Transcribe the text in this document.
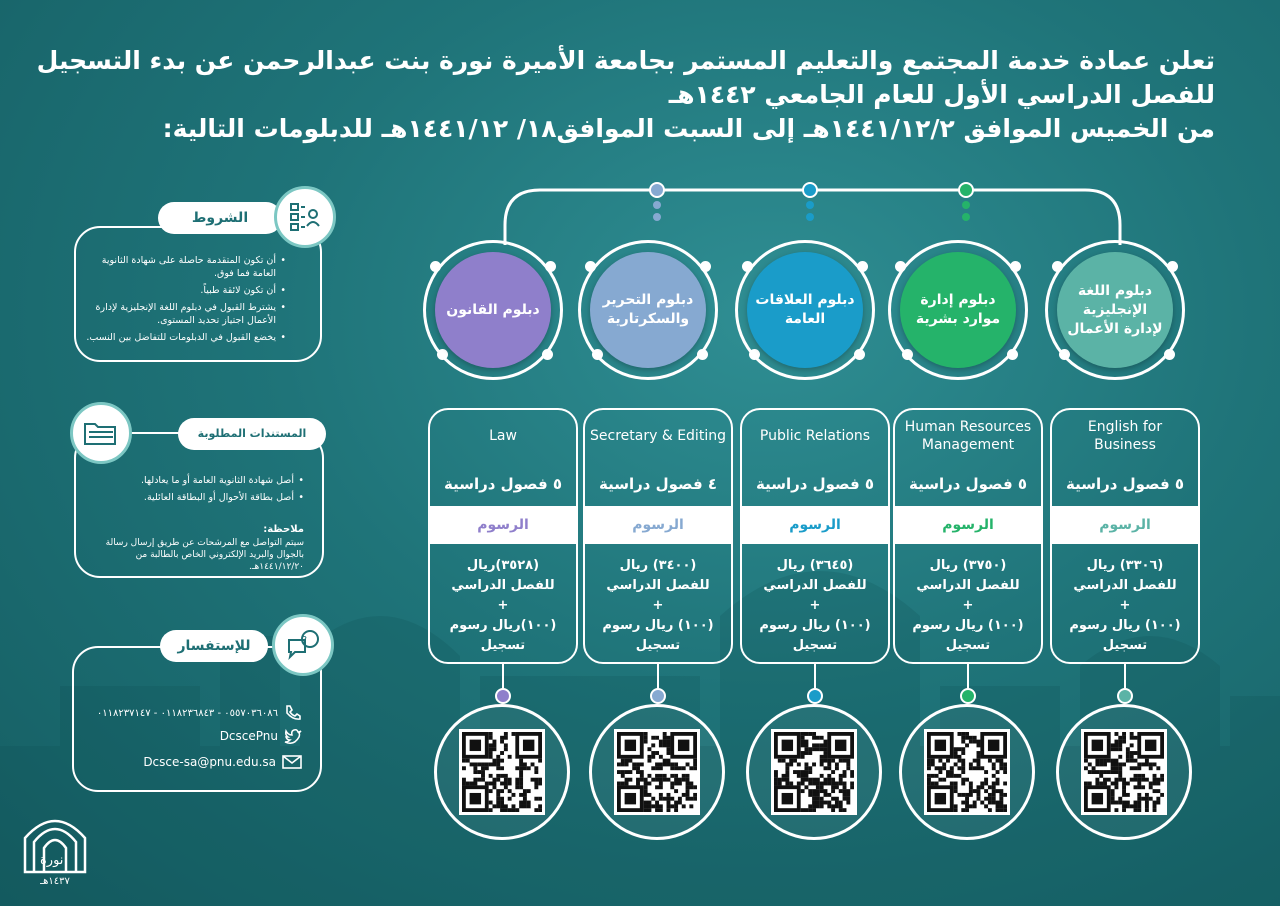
تعلن عمادة خدمة المجتمع والتعليم المستمر بجامعة الأميرة نورة بنت عبدالرحمن عن بدء التسجيل
للفصل الدراسي الأول للعام الجامعي ١٤٤٢هـ
من الخميس الموافق ١٤٤١/١٢/٢هـ إلى السبت الموافق١٨/ ١٤٤١/١٢هـ للدبلومات التالية:
• أن تكون المتقدمة حاصلة على شهادة الثانوية العامة فما فوق.
• أن تكون لائقة طبياً.
• يشترط القبول في دبلوم اللغة الإنجليزية لإدارة الأعمال اجتياز تحديد المستوى.
• يخضع القبول في الدبلومات للتفاضل بين النسب.
الشروط
• أصل شهادة الثانوية العامة أو ما يعادلها.
• أصل بطاقة الأحوال أو البطاقة العائلية.
ملاحظة:
سيتم التواصل مع المرشحات عن طريق إرسال رسالة بالجوال والبريد الإلكتروني الخاص بالطالبة من ١٤٤١/١٢/٢٠هـ.
المستندات المطلوبة
٠٥٥٧٠٣٦٠٨٦ - ٠١١٨٢٣٦٨٤٣ - ٠١١٨٢٣٧١٤٧
DcscePnu
Dcsce-sa@pnu.edu.sa
للإستفسار	?
نورة
١٤٣٧هـ
دبلوم اللغة الإنجليزية لإدارة الأعمال
English for Business
٥ فصول دراسية
الرسوم
(٣٣٠٦) ريال
للفصل الدراسي
+
(١٠٠) ريال رسوم تسجيل
دبلوم إدارة موارد بشرية
Human Resources Management
٥ فصول دراسية
الرسوم
(٣٧٥٠) ريال
للفصل الدراسي
+
(١٠٠) ريال رسوم تسجيل
دبلوم العلاقات العامة
Public Relations
٥ فصول دراسية
الرسوم
(٣٦٤٥) ريال
للفصل الدراسي
+
(١٠٠) ريال رسوم تسجيل
دبلوم التحرير والسكرتارية
Secretary & Editing
٤ فصول دراسية
الرسوم
(٣٤٠٠) ريال
للفصل الدراسي
+
(١٠٠) ريال رسوم تسجيل
دبلوم القانون
Law
٥ فصول دراسية
الرسوم
(٣٥٢٨)ريال
للفصل الدراسي
+
(١٠٠)ريال رسوم تسجيل
